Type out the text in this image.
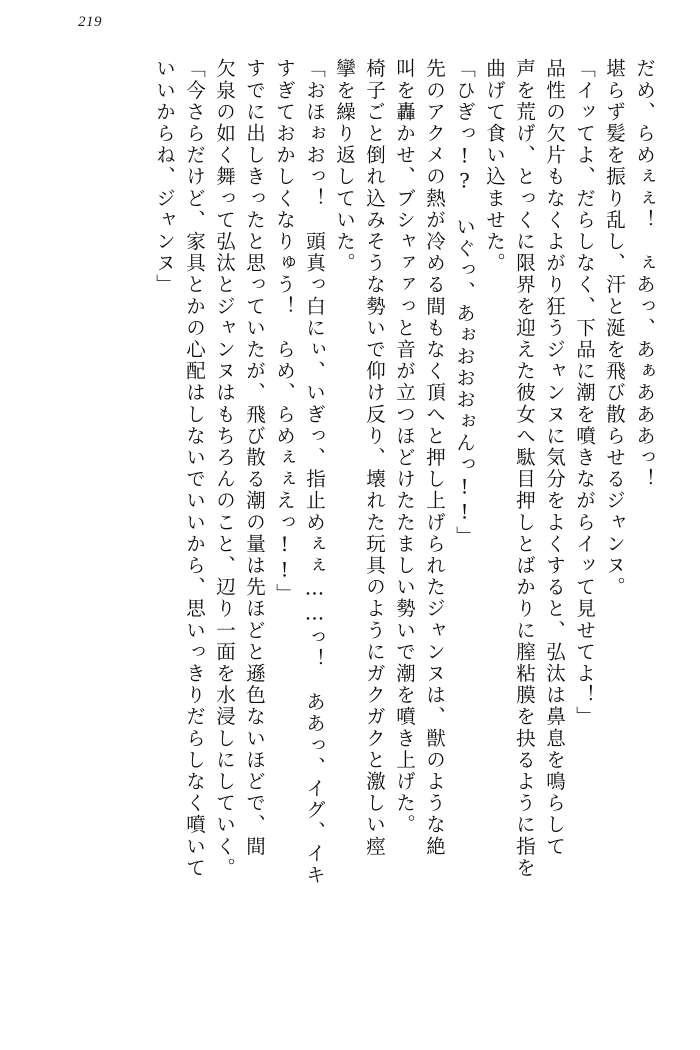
219
だめ、らめぇぇ！　ぇあっ、あぁあああっ！
堪らず髪を振り乱し、汗と涎を飛び散らせるジャンヌ。
「イッてよ、だらしなく、下品に潮を噴きながらイッて見せてよ！」
品性の欠片もなくよがり狂うジャンヌに気分をよくすると、弘汰は鼻息を鳴らして
声を荒げ、とっくに限界を迎えた彼女へ駄目押しとばかりに膣粘膜を抉るように指を
曲げて食い込ませた。
「ひぎっ!?　いぐっ、あぉおおおぉんっ!!」
先のアクメの熱が冷める間もなく頂へと押し上げられたジャンヌは、獣のような絶
叫を轟かせ、ブシャァァっと音が立つほどけたたましい勢いで潮を噴き上げた。
椅子ごと倒れ込みそうな勢いで仰け反り、壊れた玩具のようにガクガクと激しい痙
攣を繰り返していた。
「おほぉおっ！　頭真っ白にぃ、いぎっ、指止めぇぇ……っ！　ああっ、イグ、イキ
すぎておかしくなりゅう！　らめ、らめぇぇえっ!!」
すでに出しきったと思っていたが、飛び散る潮の量は先ほどと遜色ないほどで、間
欠泉の如く舞って弘汰とジャンヌはもちろんのこと、辺り一面を水浸しにしていく。
「今さらだけど、家具とかの心配はしないでいいから、思いっきりだらしなく噴いて
いいからね、ジャンヌ」
